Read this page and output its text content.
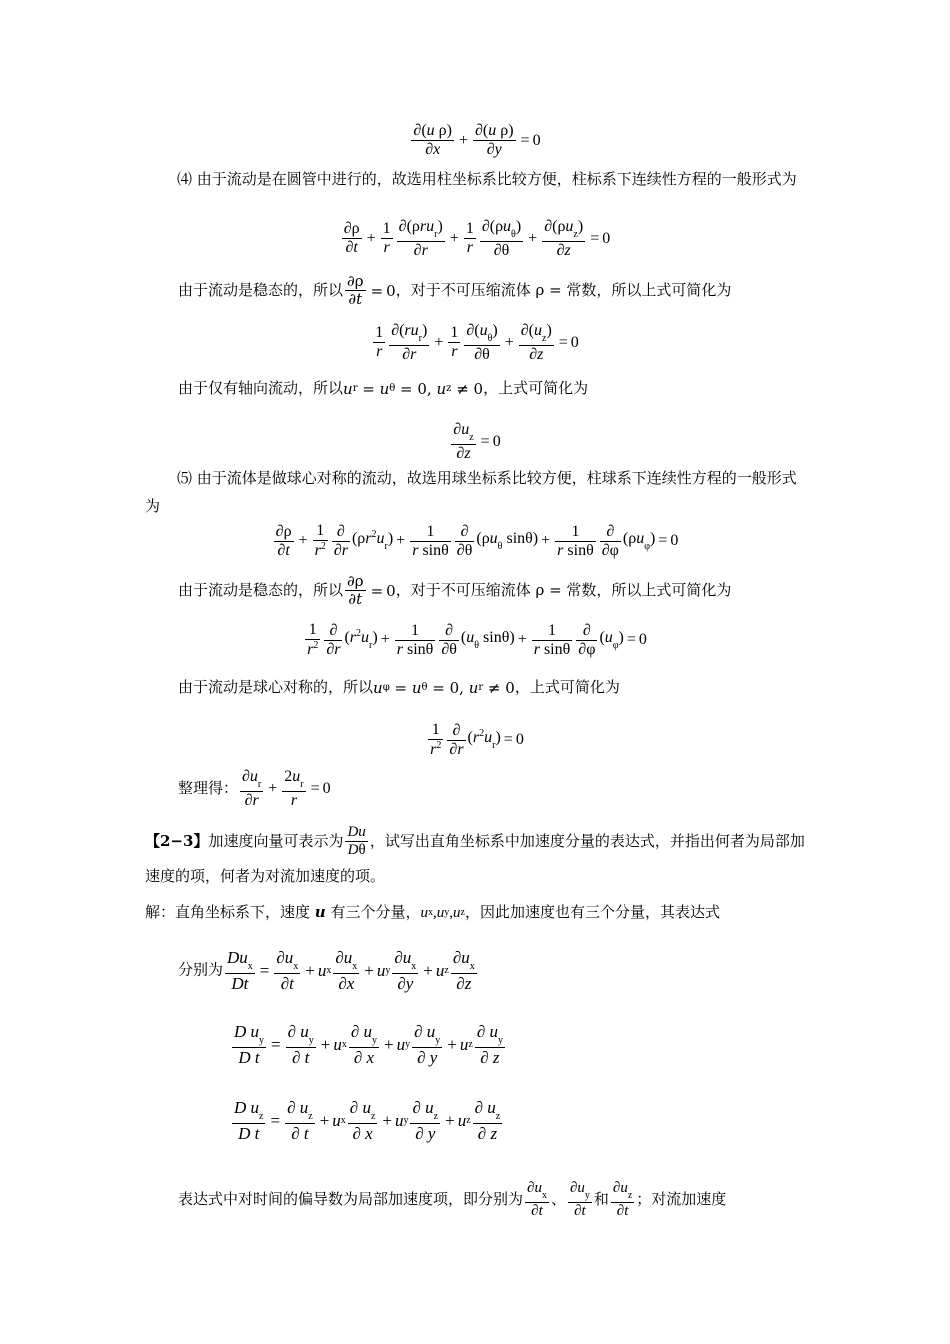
$\frac{\text{∂(u ρ)}}{\partial x} + \frac{\text{∂(u ρ)}}{\partial y} = 0$
⑷ 由于流动是在圆管中进行的，故选用柱坐标系比较方便，柱标系下连续性方程的一般形式为
$\frac{\partial\rho}{\partial t} + \frac{1}{r} \frac{\partial(\rho ru_r)}{\partial r} + \frac{1}{r} \frac{\partial(\rho u_\theta)}{\partial\theta} + \frac{\partial(\rho u_z)}{\partial z} = 0$
由于流动是稳态的，所以 $\frac{\partial\rho}{\partial t} = 0$，对于不可压缩流体 ρ = 常数，所以上式可简化为
$\frac{1}{r} \frac{\partial(ru_r)}{\partial r} + \frac{1}{r} \frac{\partial(u_\theta)}{\partial\theta} + \frac{\partial(u_z)}{\partial z} = 0$
由于仅有轴向流动，所以 u r = u θ = 0, u z ≠ 0，上式可简化为
$\frac{\partial u_z}{\partial z} = 0$
⑸ 由于流体是做球心对称的流动，故选用球坐标系比较方便，柱球系下连续性方程的一般形式为
$\frac{\partial\rho}{\partial t} + \frac{1}{r^2} \frac{\partial}{\partial r} (\rho r^2u_r) + \frac{1}{\text{r sinθ}} \frac{\partial}{\partial\theta} (\rho u_\theta$ $\sin\theta) + \frac{1}{\text{r sinθ}} \frac{\partial}{\partial\varphi} (\rho u_\varphi) = 0$
由于流动是稳态的，所以 $\frac{\partial\rho}{\partial t} = 0$，对于不可压缩流体 ρ = 常数，所以上式可简化为
$\frac{1}{r^2} \frac{\partial}{\partial r} (r^2u_r) + \frac{1}{\text{r sinθ}} \frac{\partial}{\partial\theta} (u_\theta$ $\sin\theta) + \frac{1}{\text{r sinθ}} \frac{\partial}{\partial\varphi} (u_\varphi) = 0$
由于流动是球心对称的，所以 u φ = u θ = 0, u r ≠ 0，上式可简化为
$\frac{1}{r^2} \frac{\partial}{\partial r} (r^2u_r) = 0$
整理得： $\frac{\partial u_r}{\partial r} + \frac{2u_r}{r} = 0$
【2−3】加速度向量可表示为 $\frac{Du}{D\theta}$ ，试写出直角坐标系中加速度分量的表达式，并指出何者为局部加速度的项，何者为对流加速度的项。
解：直角坐标系下，速度 u 有三个分量， u x , u y , u z ，因此加速度也有三个分量，其表达式
分别为 $\frac{Du_x}{Dt} = \frac{\partial u_x}{\partial t} + u$ x $\frac{\partial u_x}{\partial x} + u$ y $\frac{\partial u_x}{\partial y} + u$ z $\frac{\partial u_x}{\partial z}$
$\frac{D u_y}{\text{D t}} = \frac{\partial u_y}{\partial t} + u$ x $\frac{\partial u_y}{\partial x} + u$ y $\frac{\partial u_y}{\partial y} + u$ z $\frac{\partial u_y}{\partial z}$
$\frac{D u_z}{\text{D t}} = \frac{\partial u_z}{\partial t} + u$ x $\frac{\partial u_z}{\partial x} + u$ y $\frac{\partial u_z}{\partial y} + u$ z $\frac{\partial u_z}{\partial z}$
表达式中对时间的偏导数为局部加速度项，即分别为 $\frac{\partial u_x}{\partial t}$ 、 $\frac{\partial u_y}{\partial t}$ 和 $\frac{\partial u_z}{\partial t}$ ；对流加速度
